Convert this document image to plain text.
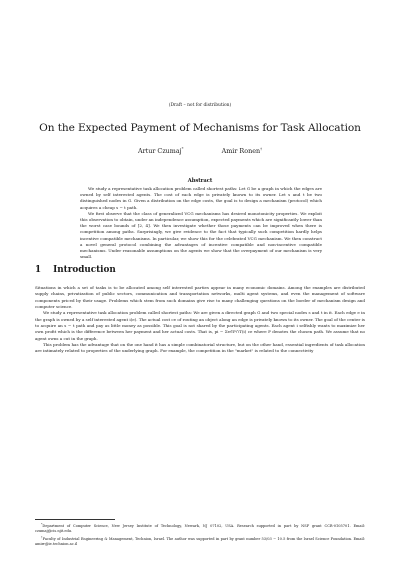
(Draft – not for distribution)
On the Expected Payment of Mechanisms for Task Allocation
Artur Czumaj*	Amir Ronen†
Abstract

We study a representative task allocation problem called shortest paths: Let G be a graph in which the edges are owned by self interested agents. The cost of each edge is privately known to its owner. Let s and t be two distinguished nodes in G. Given a distribution on the edge costs, the goal is to design a mechanism (protocol) which acquires a cheap s − t path.

We first observe that the class of generalized VCG mechanisms has desired monotonicity properties. We exploit this observation to obtain, under an independence assumption, expected payments which are significantly lower than the worst case bounds of [2, 4]. We then investigate whether those payments can be improved when there is competition among paths. Surprisingly, we give evidence to the fact that typically such competition hardly helps incentive compatible mechanisms. In particular, we show this for the celebrated VCG mechanism. We then construct a novel general protocol combining the advantages of incentive compatible and non-incentive compatible mechanisms. Under reasonable assumptions on the agents we show that the overpayment of our mechanism is very small.

1 Introduction

Situations in which a set of tasks is to be allocated among self interested parties appear in many economic domains. Among the examples are distributed supply chains, privatization of public sectors, communication and transportation networks, multi agent systems, and even the management of software components priced by their usage. Problems which stem from such domains give rise to many challenging questions on the border of mechanism design and computer science.

We study a representative task allocation problem called shortest paths: We are given a directed graph G and two special nodes s and t in it. Each edge e in the graph is owned by a self interested agent i(e). The actual cost ce of routing an object along an edge is privately known to its owner. The goal of the center is to acquire an s − t path and pay as little money as possible. This goal is not shared by the participating agents. Each agent i selfishly wants to maximize her own profit which is the difference between her payment and her actual costs. That is, pi − Σe∈P∩T(i) ce where P denotes the chosen path. We assume that no agent owns a cut in the graph.

This problem has the advantage that on the one hand it has a simple combinatorial structure, but on the other hand, essential ingredients of task allocation are intimately related to properties of the underlying graph. For example, the competition in the "market" is related to the connectivity

*Department of Computer Science, New Jersey Institute of Technology, Newark, NJ 07102, USA. Research supported in part by NSF grant CCR-0105701. Email: czumaj@cis.njit.edu.

†Faculty of Industrial Engineering & Management, Technion, Israel. The author was supported in part by grant number 53/03 − 10.5 from the Israel Science Foundation. Email: amirr@ie.technion.ac.il
